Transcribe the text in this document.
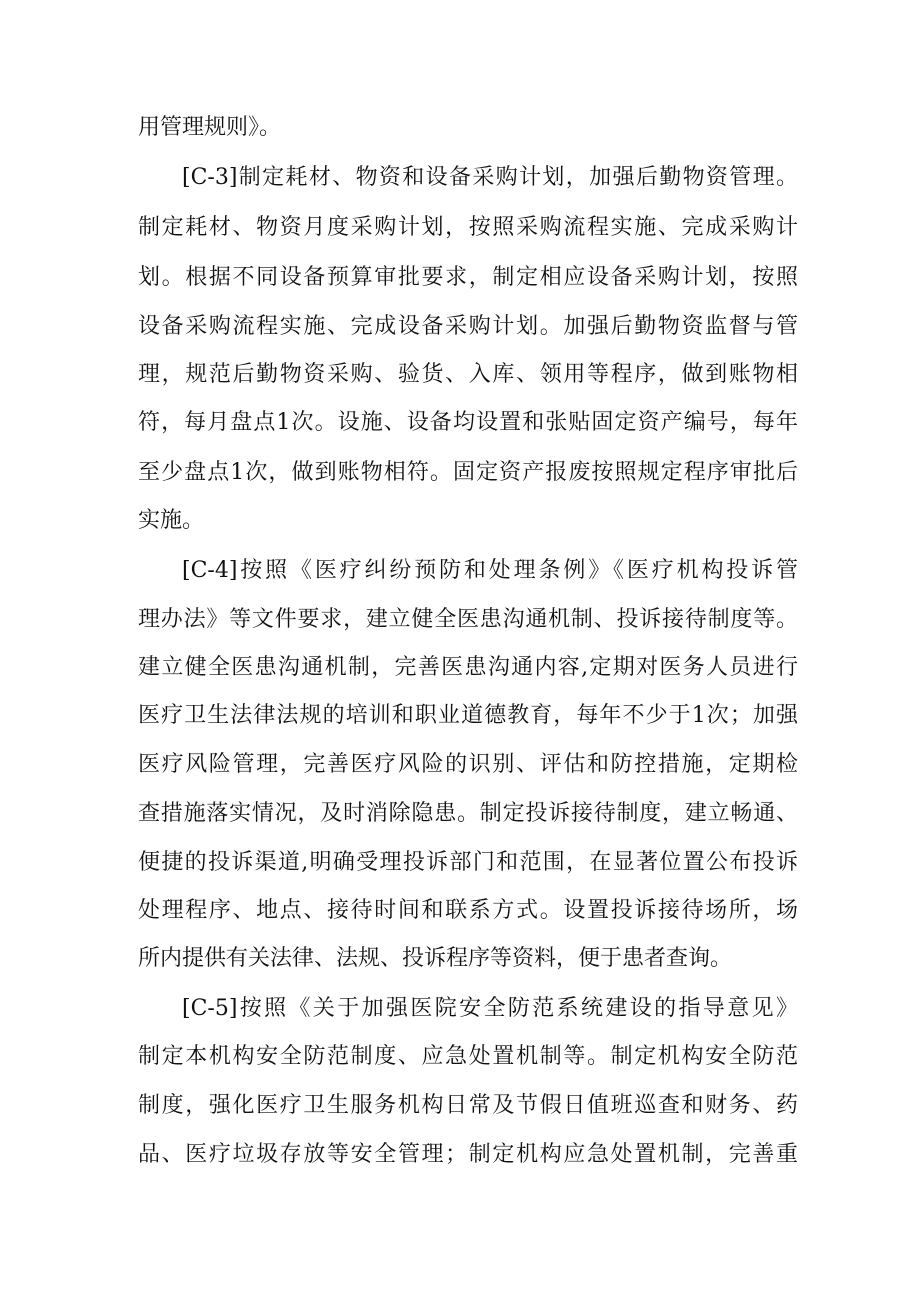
用管理规则》。
[C-3]制定耗材、物资和设备采购计划，加强后勤物资管理。
制定耗材、物资月度采购计划，按照采购流程实施、完成采购计
划。根据不同设备预算审批要求，制定相应设备采购计划，按照
设备采购流程实施、完成设备采购计划。加强后勤物资监督与管
理，规范后勤物资采购、验货、入库、领用等程序，做到账物相
符，每月盘点1次。设施、设备均设置和张贴固定资产编号，每年
至少盘点1次，做到账物相符。固定资产报废按照规定程序审批后
实施。
[C-4]按照《医疗纠纷预防和处理条例》《医疗机构投诉管
理办法》等文件要求，建立健全医患沟通机制、投诉接待制度等。
建立健全医患沟通机制，完善医患沟通内容,定期对医务人员进行
医疗卫生法律法规的培训和职业道德教育，每年不少于1次；加强
医疗风险管理，完善医疗风险的识别、评估和防控措施，定期检
查措施落实情况，及时消除隐患。制定投诉接待制度，建立畅通、
便捷的投诉渠道,明确受理投诉部门和范围，在显著位置公布投诉
处理程序、地点、接待时间和联系方式。设置投诉接待场所，场
所内提供有关法律、法规、投诉程序等资料，便于患者查询。
[C-5]按照《关于加强医院安全防范系统建设的指导意见》
制定本机构安全防范制度、应急处置机制等。制定机构安全防范
制度，强化医疗卫生服务机构日常及节假日值班巡查和财务、药
品、医疗垃圾存放等安全管理；制定机构应急处置机制，完善重
